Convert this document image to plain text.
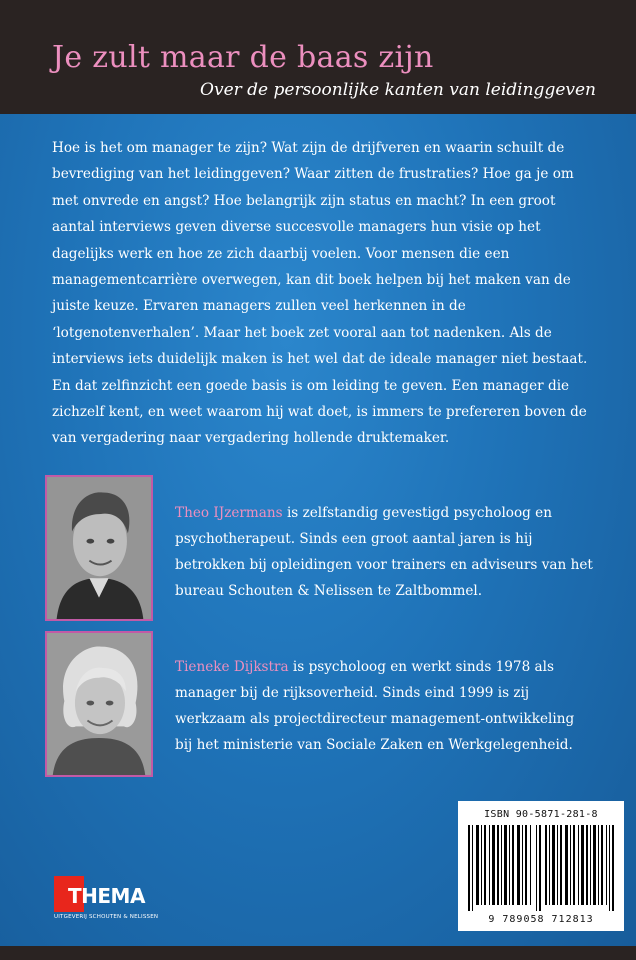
Je zult maar de baas zijn
Over de persoonlijke kanten van leidinggeven
Hoe is het om manager te zijn? Wat zijn de drijfveren en waarin schuilt de bevrediging van het leidinggeven? Waar zitten de frustraties? Hoe ga je om met onvrede en angst? Hoe belangrijk zijn status en macht? In een groot aantal interviews geven diverse succesvolle managers hun visie op het dagelijks werk en hoe ze zich daarbij voelen. Voor mensen die een managementcarrière overwegen, kan dit boek helpen bij het maken van de juiste keuze. Ervaren managers zullen veel herkennen in de ‘lotgenotenverhalen’. Maar het boek zet vooral aan tot nadenken. Als de interviews iets duidelijk maken is het wel dat de ideale manager niet bestaat. En dat zelfinzicht een goede basis is om leiding te geven. Een manager die zichzelf kent, en weet waarom hij wat doet, is immers te prefereren boven de van vergadering naar vergadering hollende druktemaker.
Theo IJzermans is zelfstandig gevestigd psycholoog en psychotherapeut. Sinds een groot aantal jaren is hij betrokken bij opleidingen voor trainers en adviseurs van het bureau Schouten & Nelissen te Zaltbommel.
Tieneke Dijkstra is psycholoog en werkt sinds 1978 als manager bij de rijksoverheid. Sinds eind 1999 is zij werkzaam als projectdirecteur management-ontwikkeling bij het ministerie van Sociale Zaken en Werkgelegenheid.
ISBN 90-5871-281-8
9 789058 712813
THEMA
UITGEVERIJ SCHOUTEN & NELISSEN
